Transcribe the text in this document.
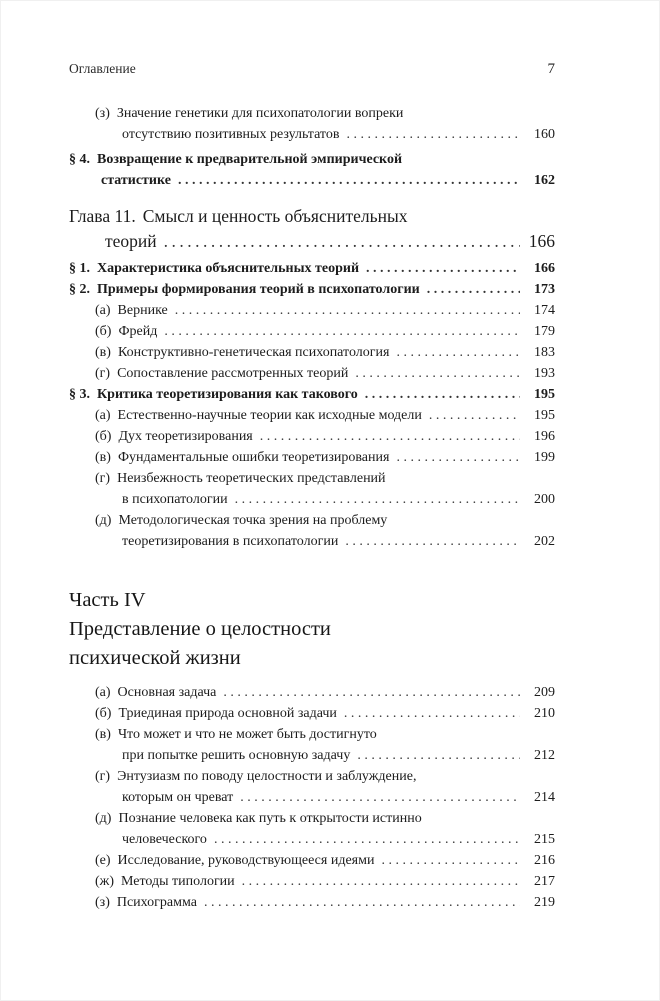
Оглавление	7
(з) Значение генетики для психопатологии вопреки
отсутствию позитивных результатов .....	160
§ 4. Возвращение к предварительной эмпирической
статистике .....	162
Глава 11. Смысл и ценность объяснительных
теорий .....	166
§ 1. Характеристика объяснительных теорий .....	166
§ 2. Примеры формирования теорий в психопатологии .....	173
(а) Вернике .....	174
(б) Фрейд .....	179
(в) Конструктивно-генетическая психопатология .....	183
(г) Сопоставление рассмотренных теорий .....	193
§ 3. Критика теоретизирования как такового .....	195
(а) Естественно-научные теории как исходные модели .....	195
(б) Дух теоретизирования .....	196
(в) Фундаментальные ошибки теоретизирования .....	199
(г) Неизбежность теоретических представлений
в психопатологии .....	200
(д) Методологическая точка зрения на проблему
теоретизирования в психопатологии .....	202
Часть IV
Представление о целостности
психической жизни
(а) Основная задача .....	209
(б) Триединая природа основной задачи .....	210
(в) Что может и что не может быть достигнуто
при попытке решить основную задачу .....	212
(г) Энтузиазм по поводу целостности и заблуждение,
которым он чреват .....	214
(д) Познание человека как путь к открытости истинно
человеческого .....	215
(е) Исследование, руководствующееся идеями .....	216
(ж) Методы типологии .....	217
(з) Психограмма .....	219
